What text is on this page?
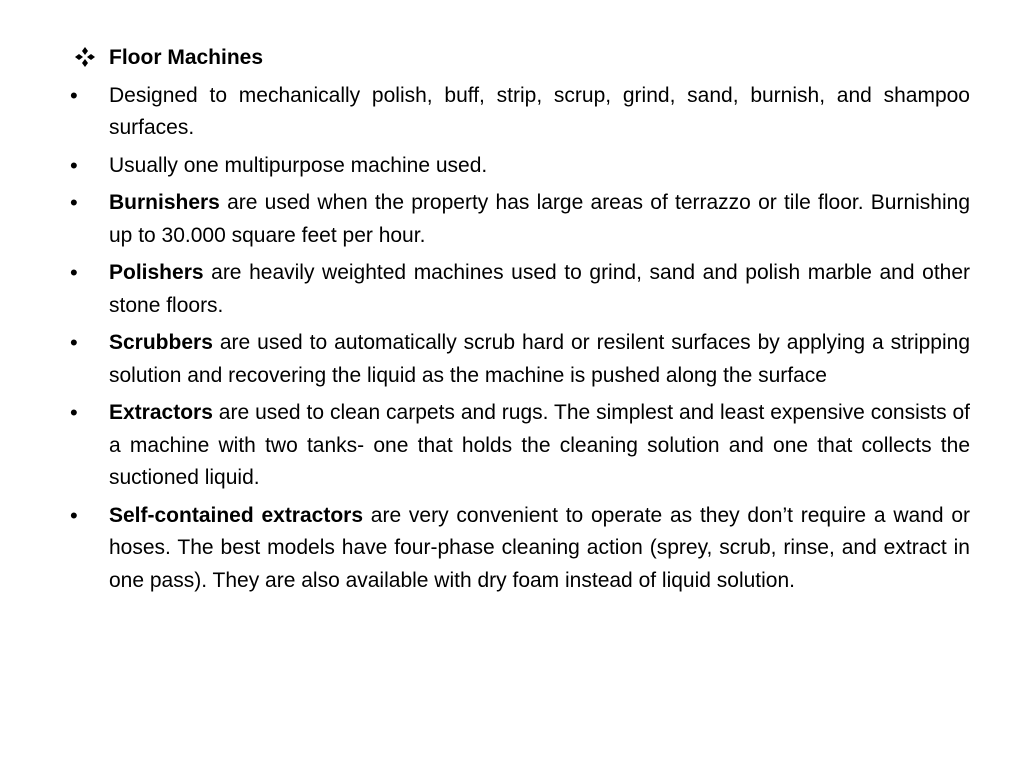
Floor Machines
•	Designed to mechanically polish, buff, strip, scrup, grind, sand, burnish, and shampoo surfaces.
•	Usually one multipurpose machine used.
•	Burnishers are used when the property has large areas of terrazzo or tile floor. Burnishing up to 30.000 square feet per hour.
•	Polishers are heavily weighted machines used to grind, sand and polish marble and other stone floors.
•	Scrubbers are used to automatically scrub hard or resilent surfaces by applying a stripping solution and recovering the liquid as the machine is pushed along the surface
•	Extractors are used to clean carpets and rugs. The simplest and least expensive consists of a machine with two tanks- one that holds the cleaning solution and one that collects the suctioned liquid.
•	Self-contained extractors are very convenient to operate as they don’t require a wand or hoses. The best models have four-phase cleaning action (sprey, scrub, rinse, and extract in one pass). They are also available with dry foam instead of liquid solution.
